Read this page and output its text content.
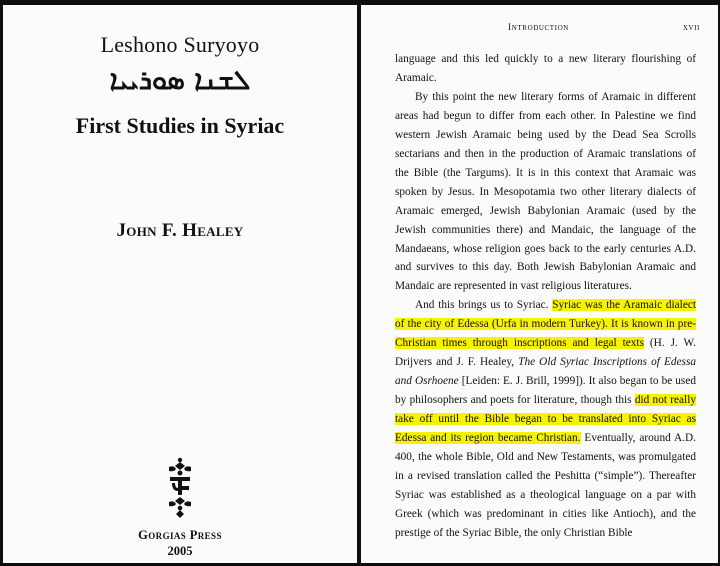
Leshono Suryoyo
ܠܫܢܐ ܣܘܪܝܝܐ
First Studies in Syriac
John F. Healey
Gorgias Press
2005
Introduction	xvii

language and this led quickly to a new literary flourishing of Aramaic.

By this point the new literary forms of Aramaic in different areas had begun to differ from each other. In Palestine we find western Jewish Aramaic being used by the Dead Sea Scrolls sectarians and then in the production of Aramaic translations of the Bible (the Targums). It is in this context that Aramaic was spoken by Jesus. In Mesopotamia two other literary dialects of Aramaic emerged, Jewish Babylonian Aramaic (used by the Jewish communities there) and Mandaic, the language of the Mandaeans, whose religion goes back to the early centuries A.D. and survives to this day. Both Jewish Babylonian Aramaic and Mandaic are represented in vast religious literatures.

And this brings us to Syriac. Syriac was the Aramaic dialect of the city of Edessa (Urfa in modern Turkey). It is known in pre-Christian times through inscriptions and legal texts (H. J. W. Drijvers and J. F. Healey, The Old Syriac Inscriptions of Edessa and Osrhoene [Leiden: E. J. Brill, 1999]). It also began to be used by philosophers and poets for literature, though this did not really take off until the Bible began to be translated into Syriac as Edessa and its region became Christian. Eventually, around A.D. 400, the whole Bible, Old and New Testaments, was promulgated in a revised translation called the Peshitta (“simple”). Thereafter Syriac was established as a theological language on a par with Greek (which was predominant in cities like Antioch), and the prestige of the Syriac Bible, the only Christian Bible
